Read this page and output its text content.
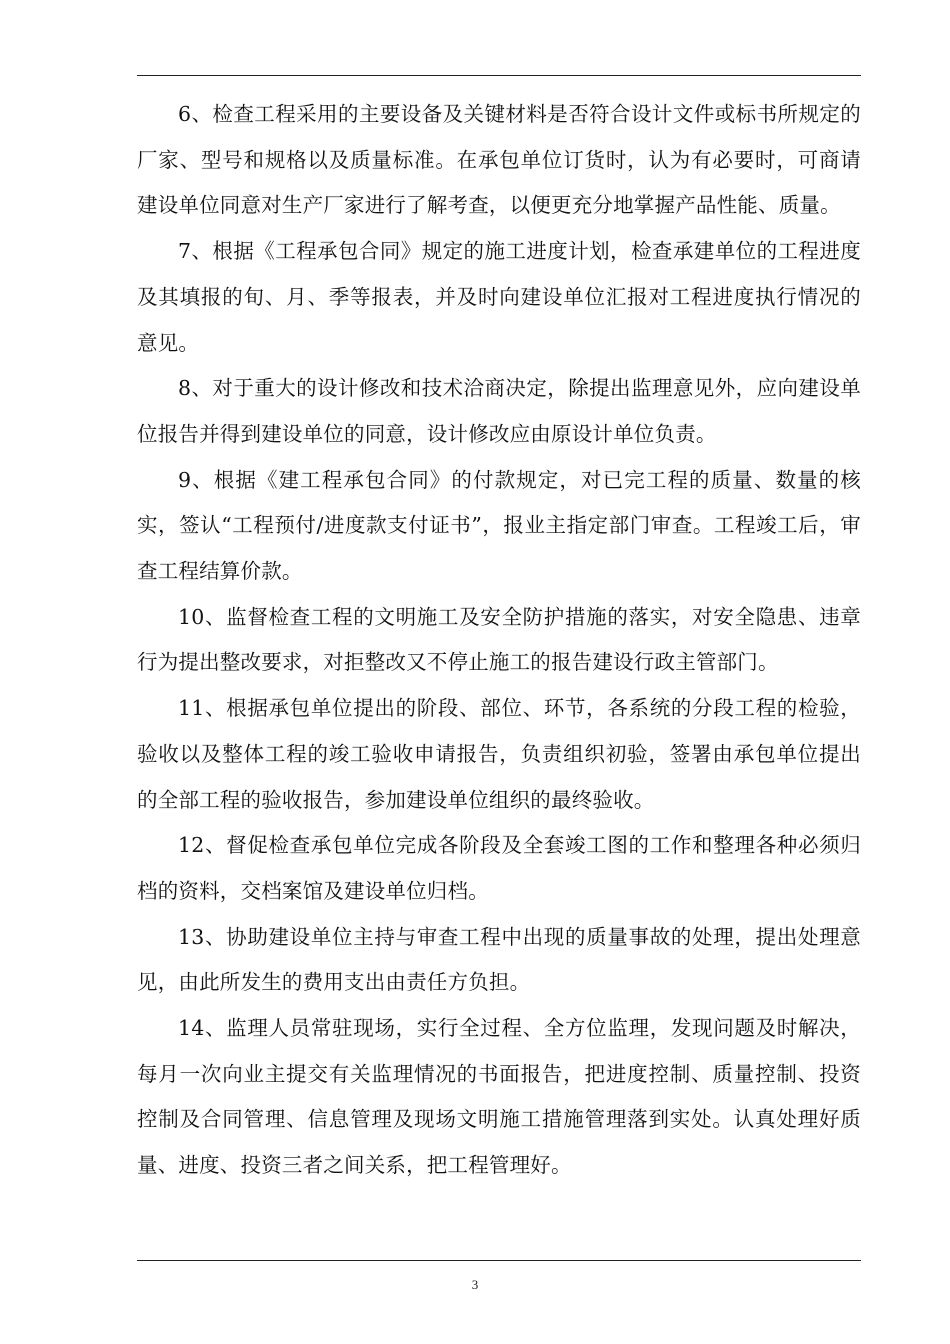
6、检查工程采用的主要设备及关键材料是否符合设计文件或标书所规定的厂家、型号和规格以及质量标准。在承包单位订货时，认为有必要时，可商请建设单位同意对生产厂家进行了解考查，以便更充分地掌握产品性能、质量。

7、根据《工程承包合同》规定的施工进度计划，检查承建单位的工程进度及其填报的旬、月、季等报表，并及时向建设单位汇报对工程进度执行情况的意见。

8、对于重大的设计修改和技术洽商决定，除提出监理意见外，应向建设单位报告并得到建设单位的同意，设计修改应由原设计单位负责。

9、根据《建工程承包合同》的付款规定，对已完工程的质量、数量的核实，签认“工程预付/进度款支付证书”，报业主指定部门审查。工程竣工后，审查工程结算价款。

10、监督检查工程的文明施工及安全防护措施的落实，对安全隐患、违章行为提出整改要求，对拒整改又不停止施工的报告建设行政主管部门。

11、根据承包单位提出的阶段、部位、环节，各系统的分段工程的检验，验收以及整体工程的竣工验收申请报告，负责组织初验，签署由承包单位提出的全部工程的验收报告，参加建设单位组织的最终验收。

12、督促检查承包单位完成各阶段及全套竣工图的工作和整理各种必须归档的资料，交档案馆及建设单位归档。

13、协助建设单位主持与审查工程中出现的质量事故的处理，提出处理意见，由此所发生的费用支出由责任方负担。

14、监理人员常驻现场，实行全过程、全方位监理，发现问题及时解决，每月一次向业主提交有关监理情况的书面报告，把进度控制、质量控制、投资控制及合同管理、信息管理及现场文明施工措施管理落到实处。认真处理好质量、进度、投资三者之间关系，把工程管理好。

3
